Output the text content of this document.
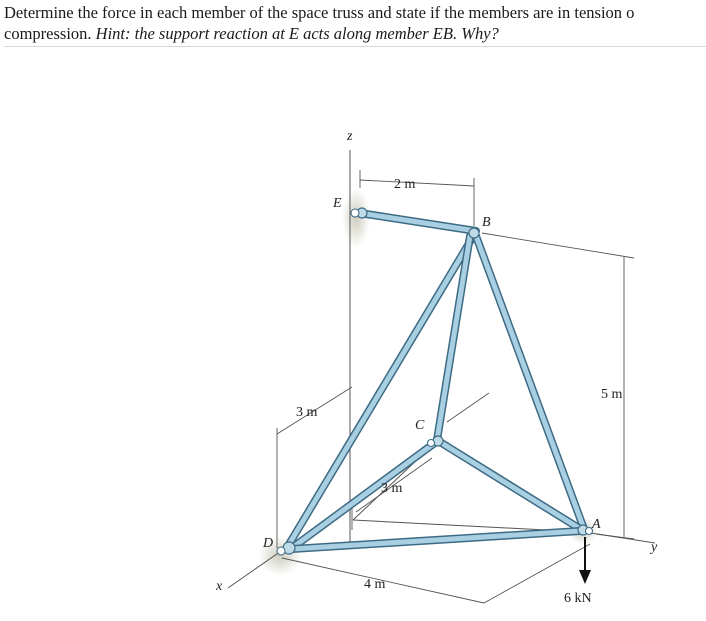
Determine the force in each member of the space truss and state if the members are in tension o

compression. Hint: the support reaction at E acts along member EB. Why?

z
y
x
E
B
C
D
A
2 m
3 m
3 m
5 m
4 m
6 kN
